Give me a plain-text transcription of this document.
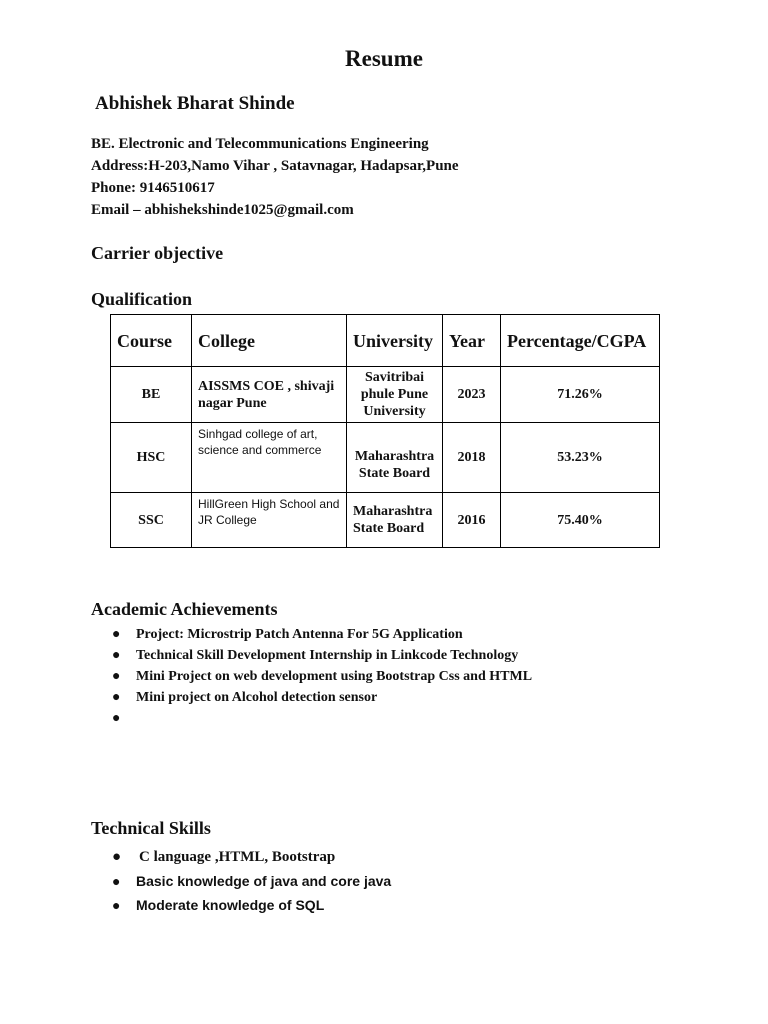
Resume
Abhishek Bharat Shinde
BE. Electronic and Telecommunications Engineering
Address:H-203,Namo Vihar , Satavnagar, Hadapsar,Pune
Phone: 9146510617
Email – abhishekshinde1025@gmail.com
Carrier objective
Qualification
Course	College	University	Year	Percentage/CGPA
BE	AISSMS COE , shivaji nagar Pune	Savitribai phule Pune University	2023	71.26%
HSC	Sinhgad college of art, science and commerce	Maharashtra State Board	2018	53.23%
SSC	HillGreen High School and JR College	Maharashtra State Board	2016	75.40%
Academic Achievements
● Project: Microstrip Patch Antenna For 5G Application
● Technical Skill Development Internship in Linkcode Technology
● Mini Project on web development using Bootstrap Css and HTML
● Mini project on Alcohol detection sensor
●
Technical Skills
● C language ,HTML, Bootstrap
● Basic knowledge of java and core java
● Moderate knowledge of SQL
